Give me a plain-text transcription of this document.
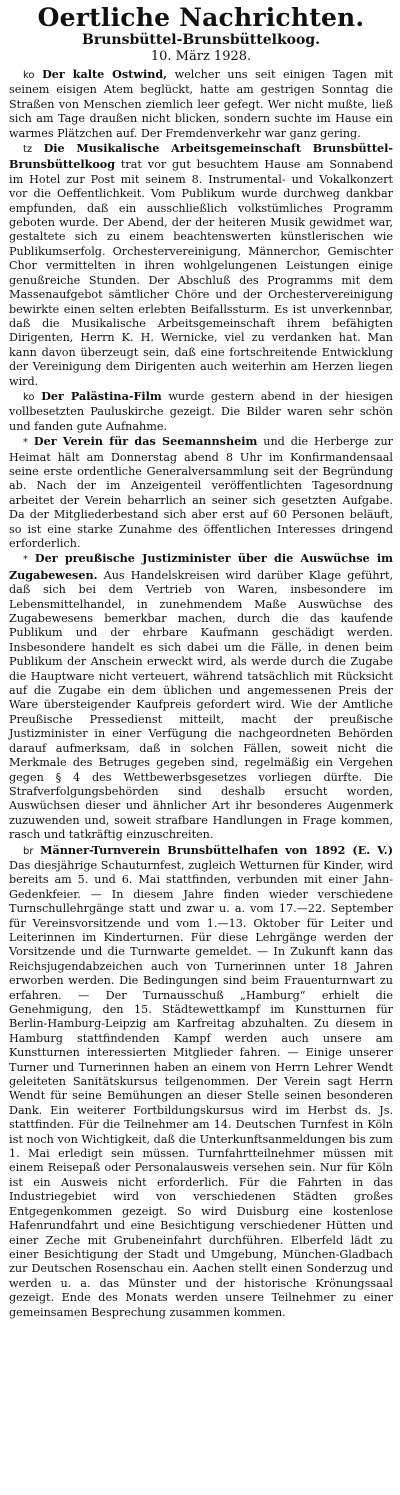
Oertliche Nachrichten.
Brunsbüttel-Brunsbüttelkoog.
10. März 1928.

ko Der kalte Ostwind, welcher uns seit einigen Tagen mit seinem eisigen Atem beglückt, hatte am gestrigen Sonntag die Straßen von Menschen ziemlich leer gefegt. Wer nicht mußte, ließ sich am Tage draußen nicht blicken, sondern suchte im Hause ein warmes Plätzchen auf. Der Fremdenverkehr war ganz gering.

tz Die Musikalische Arbeitsgemeinschaft Brunsbüttel-Brunsbüttelkoog trat vor gut besuchtem Hause am Sonnabend im Hotel zur Post mit seinem 8. Instrumental- und Vokalkonzert vor die Oeffentlichkeit. Vom Publikum wurde durchweg dankbar empfunden, daß ein ausschließlich volkstümliches Programm geboten wurde. Der Abend, der der heiteren Musik gewidmet war, gestaltete sich zu einem beachtenswerten künstlerischen wie Publikumserfolg. Orchestervereinigung, Männerchor, Gemischter Chor vermittelten in ihren wohlgelungenen Leistungen einige genußreiche Stunden. Der Abschluß des Programms mit dem Massenaufgebot sämtlicher Chöre und der Orchestervereinigung bewirkte einen selten erlebten Beifallssturm. Es ist unverkennbar, daß die Musikalische Arbeitsgemeinschaft ihrem befähigten Dirigenten, Herrn K. H. Wernicke, viel zu verdanken hat. Man kann davon überzeugt sein, daß eine fortschreitende Entwicklung der Vereinigung dem Dirigenten auch weiterhin am Herzen liegen wird.

ko Der Palästina-Film wurde gestern abend in der hiesigen vollbesetzten Pauluskirche gezeigt. Die Bilder waren sehr schön und fanden gute Aufnahme.

* Der Verein für das Seemannsheim und die Herberge zur Heimat hält am Donnerstag abend 8 Uhr im Konfirmandensaal seine erste ordentliche Generalversammlung seit der Begründung ab. Nach der im Anzeigenteil veröffentlichten Tagesordnung arbeitet der Verein beharrlich an seiner sich gesetzten Aufgabe. Da der Mitgliederbestand sich aber erst auf 60 Personen beläuft, so ist eine starke Zunahme des öffentlichen Interesses dringend erforderlich.

* Der preußische Justizminister über die Auswüchse im Zugabewesen. Aus Handelskreisen wird darüber Klage geführt, daß sich bei dem Vertrieb von Waren, insbesondere im Lebensmittelhandel, in zunehmendem Maße Auswüchse des Zugabewesens bemerkbar machen, durch die das kaufende Publikum und der ehrbare Kaufmann geschädigt werden. Insbesondere handelt es sich dabei um die Fälle, in denen beim Publikum der Anschein erweckt wird, als werde durch die Zugabe die Hauptware nicht verteuert, während tatsächlich mit Rücksicht auf die Zugabe ein dem üblichen und angemessenen Preis der Ware übersteigender Kaufpreis gefordert wird. Wie der Amtliche Preußische Pressedienst mitteilt, macht der preußische Justizminister in einer Verfügung die nachgeordneten Behörden darauf aufmerksam, daß in solchen Fällen, soweit nicht die Merkmale des Betruges gegeben sind, regelmäßig ein Vergehen gegen § 4 des Wettbewerbsgesetzes vorliegen dürfte. Die Strafverfolgungsbehörden sind deshalb ersucht worden, Auswüchsen dieser und ähnlicher Art ihr besonderes Augenmerk zuzuwenden und, soweit strafbare Handlungen in Frage kommen, rasch und tatkräftig einzuschreiten.

br Männer-Turnverein Brunsbüttelhafen von 1892 (E. V.) Das diesjährige Schauturnfest, zugleich Wetturnen für Kinder, wird bereits am 5. und 6. Mai stattfinden, verbunden mit einer Jahn-Gedenkfeier. — In diesem Jahre finden wieder verschiedene Turnschullehrgänge statt und zwar u. a. vom 17.—22. September für Vereinsvorsitzende und vom 1.—13. Oktober für Leiter und Leiterinnen im Kinderturnen. Für diese Lehrgänge werden der Vorsitzende und die Turnwarte gemeldet. — In Zukunft kann das Reichsjugendabzeichen auch von Turnerinnen unter 18 Jahren erworben werden. Die Bedingungen sind beim Frauenturnwart zu erfahren. — Der Turnausschuß „Hamburg“ erhielt die Genehmigung, den 15. Städtewettkampf im Kunstturnen für Berlin-Hamburg-Leipzig am Karfreitag abzuhalten. Zu diesem in Hamburg stattfindenden Kampf werden auch unsere am Kunstturnen interessierten Mitglieder fahren. — Einige unserer Turner und Turnerinnen haben an einem von Herrn Lehrer Wendt geleiteten Sanitätskursus teilgenommen. Der Verein sagt Herrn Wendt für seine Bemühungen an dieser Stelle seinen besonderen Dank. Ein weiterer Fortbildungskursus wird im Herbst ds. Js. stattfinden. Für die Teilnehmer am 14. Deutschen Turnfest in Köln ist noch von Wichtigkeit, daß die Unterkunftsanmeldungen bis zum 1. Mai erledigt sein müssen. Turnfahrtteilnehmer müssen mit einem Reisepaß oder Personalausweis versehen sein. Nur für Köln ist ein Ausweis nicht erforderlich. Für die Fahrten in das Industriegebiet wird von verschiedenen Städten großes Entgegenkommen gezeigt. So wird Duisburg eine kostenlose Hafenrundfahrt und eine Besichtigung verschiedener Hütten und einer Zeche mit Grubeneinfahrt durchführen. Elberfeld lädt zu einer Besichtigung der Stadt und Umgebung, München-Gladbach zur Deutschen Rosenschau ein. Aachen stellt einen Sonderzug und werden u. a. das Münster und der historische Krönungssaal gezeigt. Ende des Monats werden unsere Teilnehmer zu einer gemeinsamen Besprechung zusammen kommen.
